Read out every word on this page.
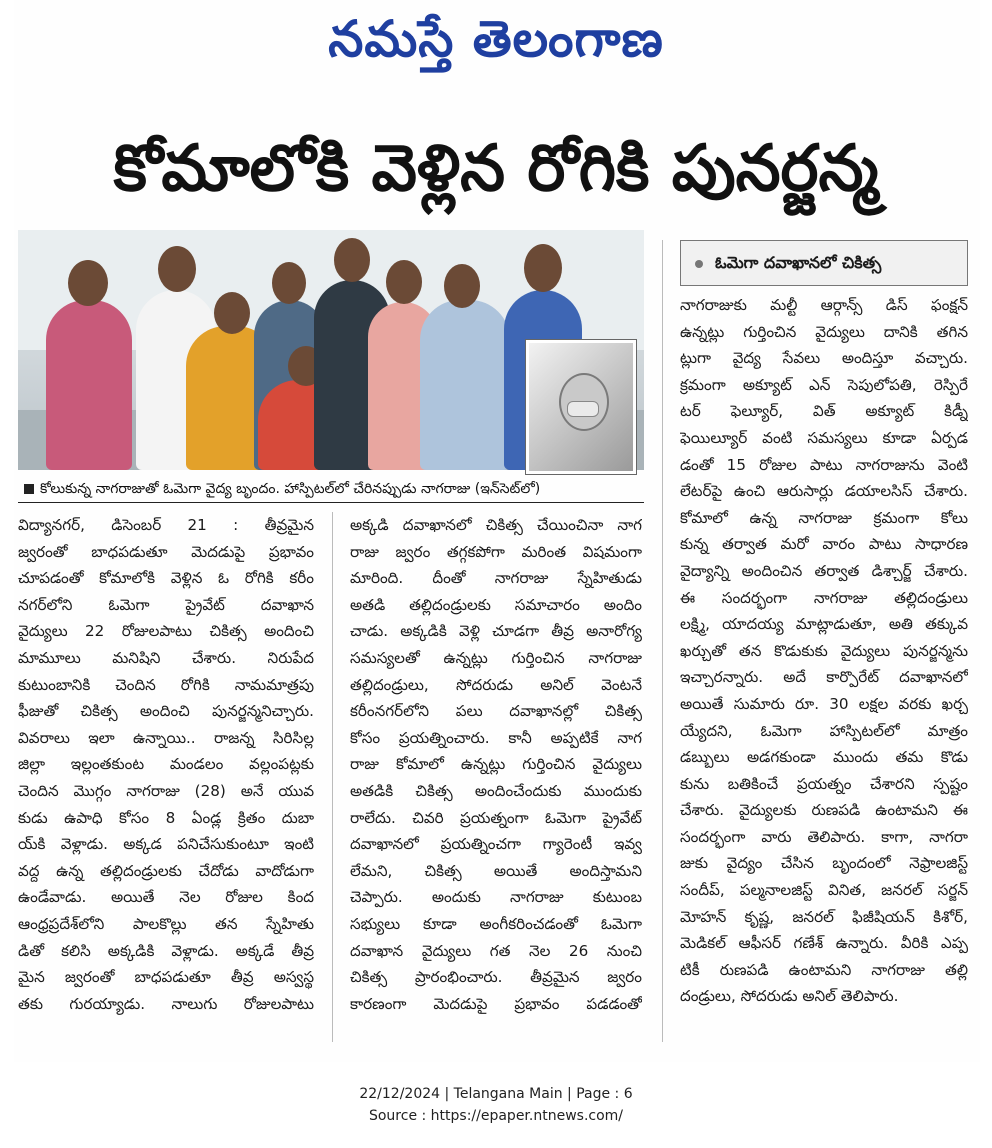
నమస్తే తెలంగాణ
కోమాలోకి వెళ్లిన రోగికి పునర్జన్మ
కోలుకున్న నాగరాజుతో ఓమెగా వైద్య బృందం. హాస్పిటల్‌లో చేరినప్పుడు నాగరాజు (ఇన్‌సెట్‌లో)
ఓమెగా దవాఖానలో చికిత్స
విద్యానగర్, డిసెంబర్ 21 : తీవ్రమైన
జ్వరంతో బాధపడుతూ మెదడుపై ప్రభావం
చూపడంతో కోమాలోకి వెళ్లిన ఓ రోగికి కరీం
నగర్‌లోని ఓమెగా ప్రైవేట్ దవాఖాన
వైద్యులు 22 రోజులపాటు చికిత్స అందించి
మామూలు మనిషిని చేశారు. నిరుపేద
కుటుంబానికి చెందిన రోగికి నామమాత్రపు
ఫీజుతో చికిత్స అందించి పునర్జన్మనిచ్చారు.
వివరాలు ఇలా ఉన్నాయి.. రాజన్న సిరిసిల్ల
జిల్లా ఇల్లంతకుంట మండలం వల్లంపట్లకు
చెందిన మొగ్గం నాగరాజు (28) అనే యువ
కుడు ఉపాధి కోసం 8 ఏండ్ల క్రితం దుబా
య్‌కి వెళ్లాడు. అక్కడ పనిచేసుకుంటూ ఇంటి
వద్ద ఉన్న తల్లిదండ్రులకు చేదోడు వాదోడుగా
ఉండేవాడు. అయితే నెల రోజుల కింద
ఆంధ్రప్రదేశ్‌లోని పాలకొల్లు తన స్నేహితు
డితో కలిసి అక్కడికి వెళ్లాడు. అక్కడే తీవ్ర
మైన జ్వరంతో బాధపడుతూ తీవ్ర అస్వస్థ
తకు గురయ్యాడు. నాలుగు రోజులపాటు
అక్కడి దవాఖానలో చికిత్స చేయించినా నాగ
రాజు జ్వరం తగ్గకపోగా మరింత విషమంగా
మారింది. దీంతో నాగరాజు స్నేహితుడు
అతడి తల్లిదండ్రులకు సమాచారం అందిం
చాడు. అక్కడికి వెళ్లి చూడగా తీవ్ర అనారోగ్య
సమస్యలతో ఉన్నట్లు గుర్తించిన నాగరాజు
తల్లిదండ్రులు, సోదరుడు అనిల్ వెంటనే
కరీంనగర్‌లోని పలు దవాఖానల్లో చికిత్స
కోసం ప్రయత్నించారు. కానీ అప్పటికే నాగ
రాజు కోమాలో ఉన్నట్లు గుర్తించిన వైద్యులు
అతడికి చికిత్స అందించేందుకు ముందుకు
రాలేదు. చివరి ప్రయత్నంగా ఓమెగా ప్రైవేట్
దవాఖానలో ప్రయత్నించగా గ్యారెంటీ ఇవ్వ
లేమని, చికిత్స అయితే అందిస్తామని
చెప్పారు. అందుకు నాగరాజు కుటుంబ
సభ్యులు కూడా అంగీకరించడంతో ఓమెగా
దవాఖాన వైద్యులు గత నెల 26 నుంచి
చికిత్స ప్రారంభించారు. తీవ్రమైన జ్వరం
కారణంగా మెదడుపై ప్రభావం పడడంతో
నాగరాజుకు మల్టీ ఆర్గాన్స్ డిస్ ఫంక్షన్
ఉన్నట్లు గుర్తించిన వైద్యులు దానికి తగిన
ట్లుగా వైద్య సేవలు అందిస్తూ వచ్చారు.
క్రమంగా అక్యూట్ ఎన్ సెపులోపతి, రెస్పిరే
టర్ ఫెల్యూర్, విత్ అక్యూట్ కిడ్నీ
ఫెయిల్యూర్ వంటి సమస్యలు కూడా ఏర్పడ
డంతో 15 రోజుల పాటు నాగరాజును వెంటి
లేటర్‌పై ఉంచి ఆరుసార్లు డయాలసిస్ చేశారు.
కోమాలో ఉన్న నాగరాజు క్రమంగా కోలు
కున్న తర్వాత మరో వారం పాటు సాధారణ
వైద్యాన్ని అందించిన తర్వాత డిశ్చార్జ్ చేశారు.
ఈ సందర్భంగా నాగరాజు తల్లిదండ్రులు
లక్ష్మి, యాదయ్య మాట్లాడుతూ, అతి తక్కువ
ఖర్చుతో తన కొడుకుకు వైద్యులు పునర్జన్మను
ఇచ్చారన్నారు. అదే కార్పొరేట్ దవాఖానలో
అయితే సుమారు రూ. 30 లక్షల వరకు ఖర్చ
య్యేదని, ఓమెగా హాస్పిటల్‌లో మాత్రం
డబ్బులు అడగకుండా ముందు తమ కొడు
కును బతికించే ప్రయత్నం చేశారని స్పష్టం
చేశారు. వైద్యులకు రుణపడి ఉంటామని ఈ
సందర్భంగా వారు తెలిపారు. కాగా, నాగరా
జుకు వైద్యం చేసిన బృందంలో నెఫ్రాలజిస్ట్
సందీప్, పల్మనాలజిస్ట్ వినిత, జనరల్ సర్జన్
మోహన్ కృష్ణ, జనరల్ ఫిజీషియన్ కిశోర్,
మెడికల్ ఆఫీసర్ గణేశ్ ఉన్నారు. వీరికి ఎప్ప
టికీ రుణపడి ఉంటామని నాగరాజు తల్లి
దండ్రులు, సోదరుడు అనిల్ తెలిపారు.
22/12/2024 | Telangana Main | Page : 6
Source : https://epaper.ntnews.com/
